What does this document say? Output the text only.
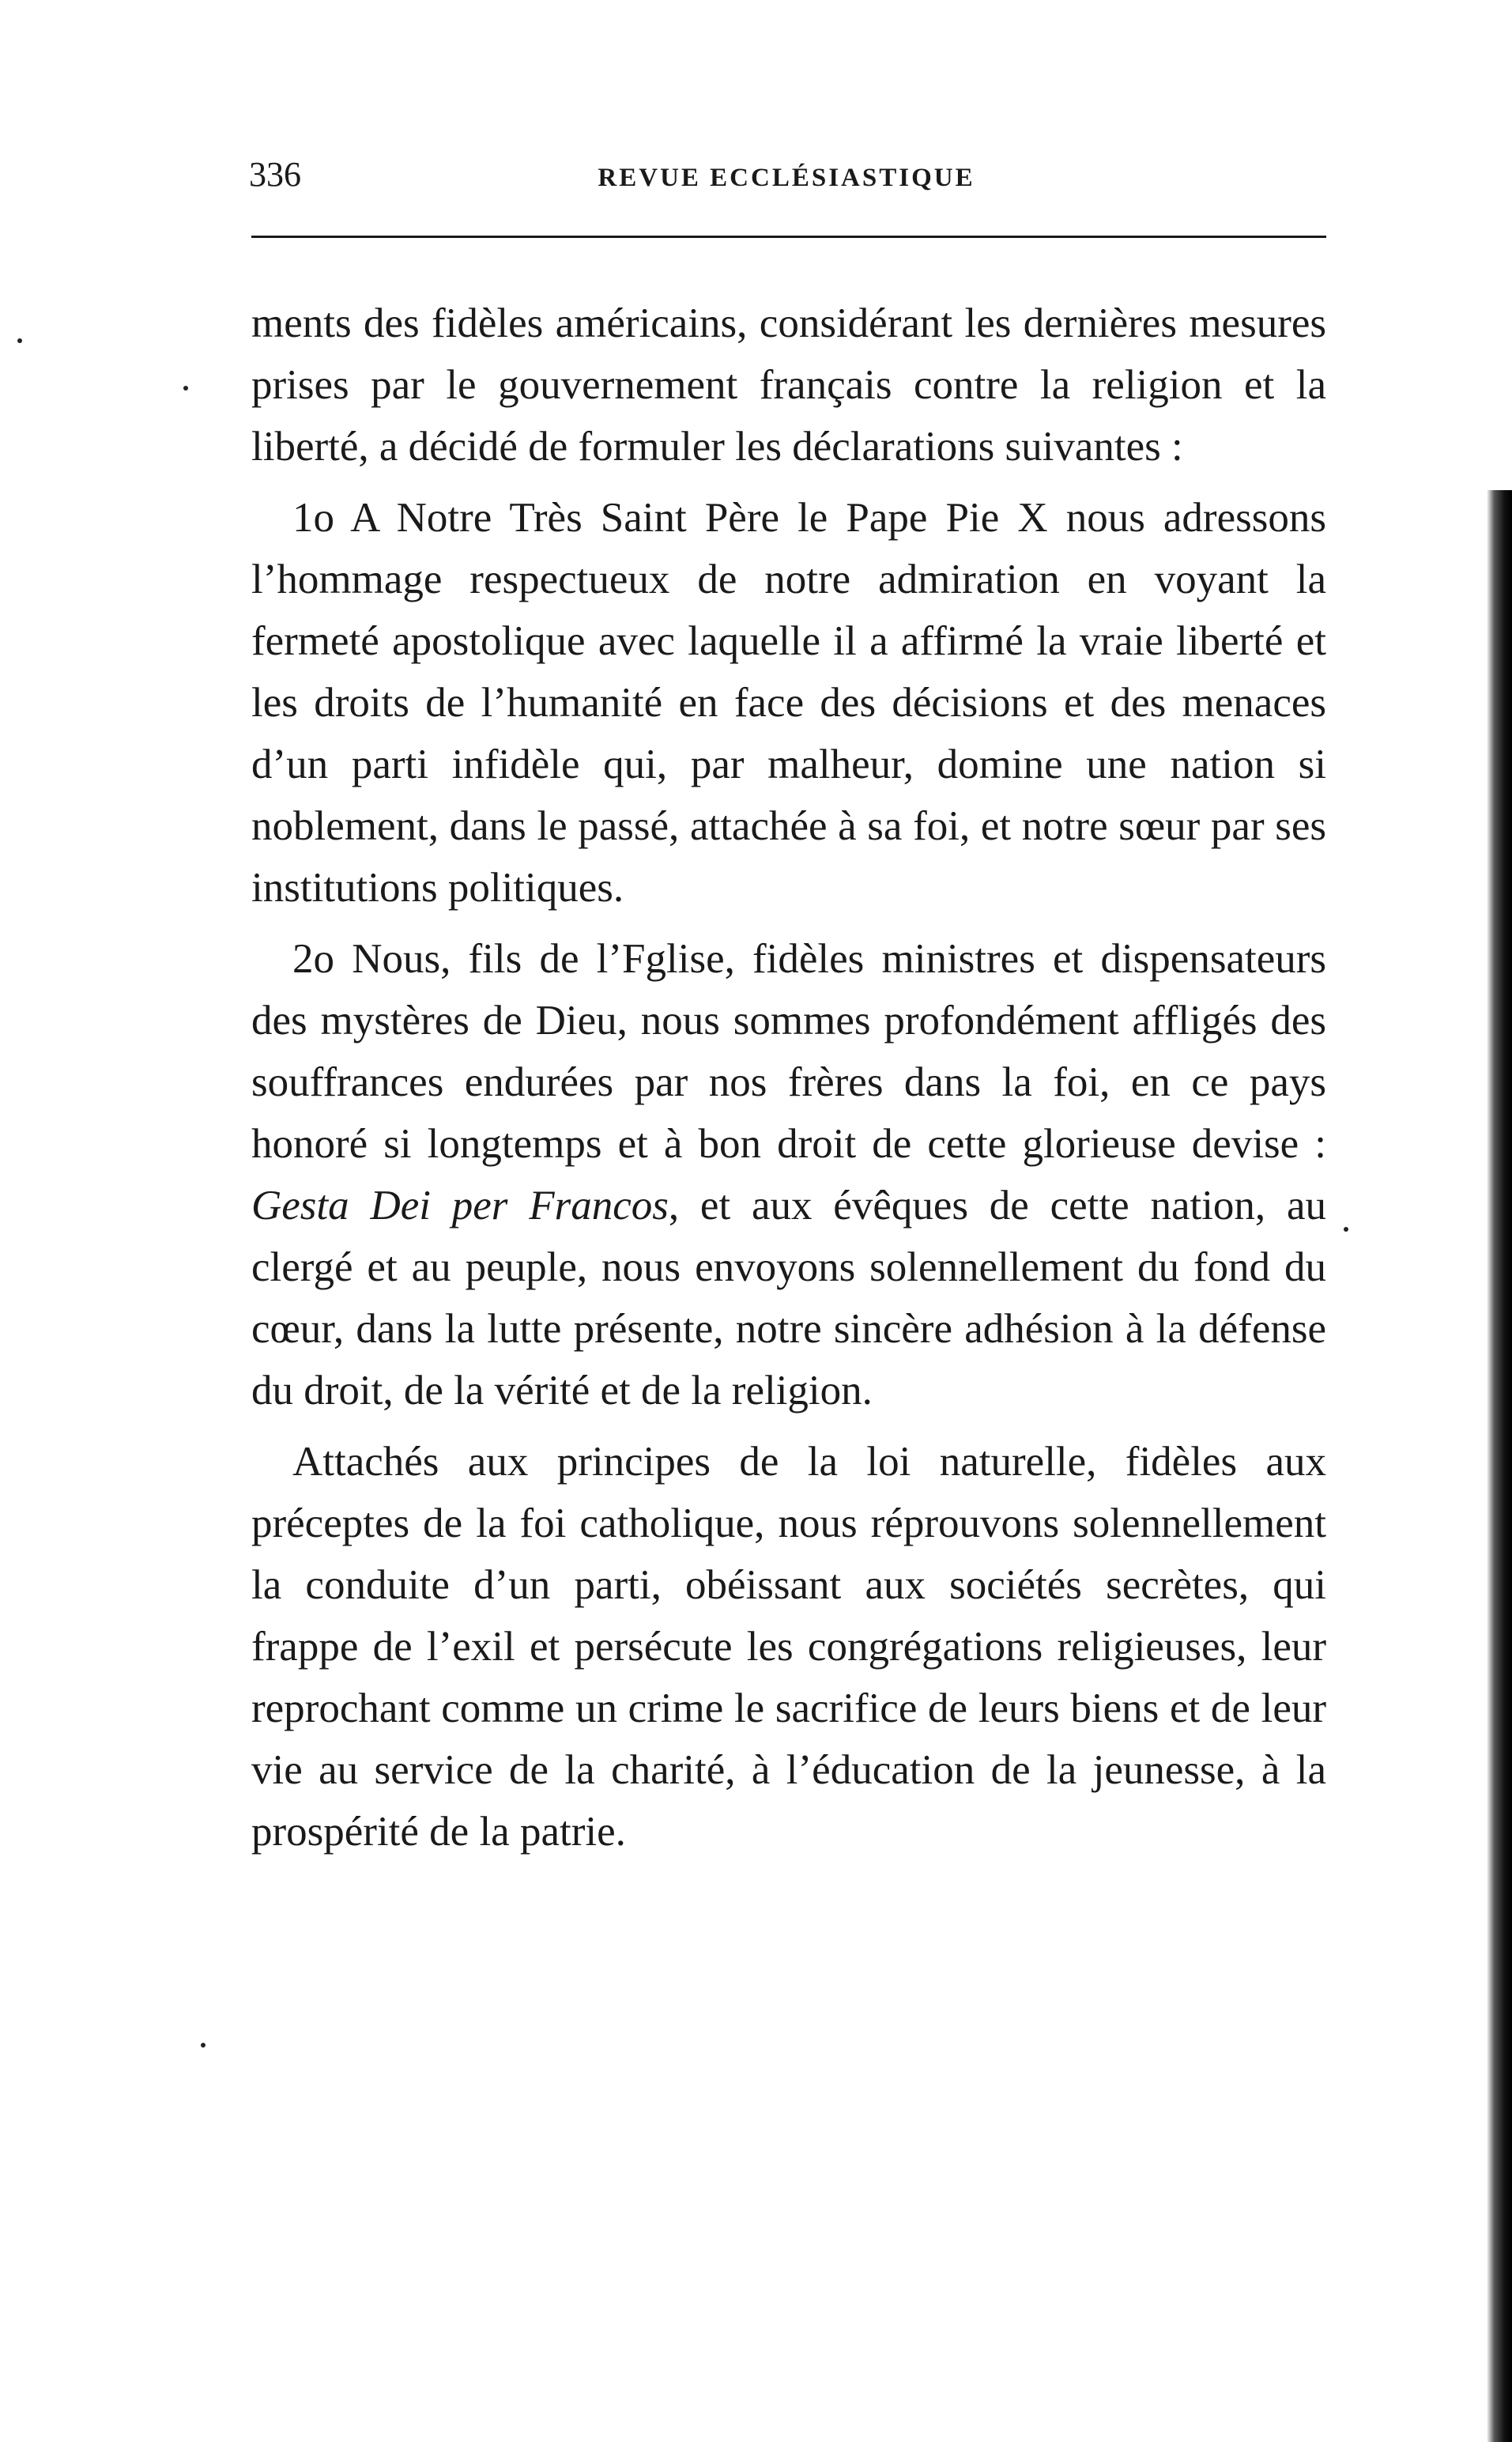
336	REVUE ECCLÉSIASTIQUE

ments des fidèles américains, considérant les dernières mesures prises par le gouvernement français contre la religion et la liberté, a décidé de formuler les déclarations suivantes :

1o A Notre Très Saint Père le Pape Pie X nous adressons l’hommage respectueux de notre admiration en voyant la fermeté apostolique avec laquelle il a affirmé la vraie liberté et les droits de l’humanité en face des décisions et des menaces d’un parti infidèle qui, par malheur, domine une nation si noblement, dans le passé, attachée à sa foi, et notre sœur par ses institutions politiques.

2o Nous, fils de l’Fglise, fidèles ministres et dispensateurs des mystères de Dieu, nous sommes profondément affligés des souffrances endurées par nos frères dans la foi, en ce pays honoré si longtemps et à bon droit de cette glorieuse devise : Gesta Dei per Francos, et aux évêques de cette nation, au clergé et au peuple, nous envoyons solennellement du fond du cœur, dans la lutte présente, notre sincère adhésion à la défense du droit, de la vérité et de la religion.

Attachés aux principes de la loi naturelle, fidèles aux préceptes de la foi catholique, nous réprouvons solennellement la conduite d’un parti, obéissant aux sociétés secrètes, qui frappe de l’exil et persécute les congrégations religieuses, leur reprochant comme un crime le sacrifice de leurs biens et de leur vie au service de la charité, à l’éducation de la jeunesse, à la prospérité de la patrie.
